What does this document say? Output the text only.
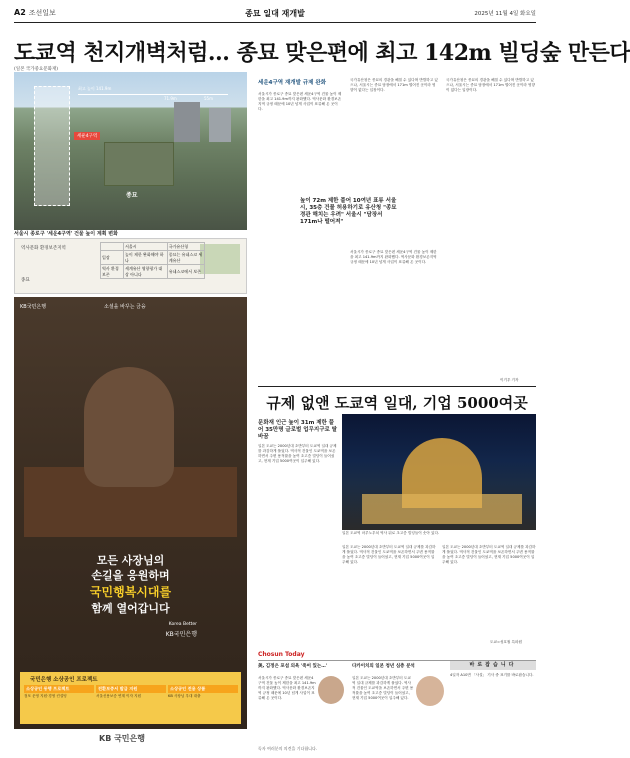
A2 조선일보	종묘 일대 재개발	2025년 11월 4일 화요일
도쿄역 천지개벽처럼… 종묘 맞은편에 최고 142m 빌딩숲 만든다
(일본 국가중요문화재)
세운4구역
최고 높이 141.9m
71.9m	55m
종묘
서울시 종로구 '세운4구역' 건물 높이 계획 변화
역사문화 환경보존지역
종묘
	서울시	국가유산청
입장	높이 제한 완화해야 하나	종묘는 유네스코 세계유산
역사 환경 보존	세계유산 영향평가 대상 아니다	유네스코에서 보존
KB국민은행	소셜을 바꾸는 금융
모든 사장님의
손길을 응원하며
국민행복시대를
함께 열어갑니다
Korea Better
KB국민은행
국민은행 소상공인 프로젝트
소상공인 동행 프로젝트
점포 운영 지원·경영 컨설팅
전환보증서 발급 지원
서울신용보증 연계 이자 지원
소상공인 전용 상품
KB 사장님 우대 대출
KB 국민은행
세운4구역 재개발 규제 완화
서울시가 종로구 종묘 맞은편 세운4구역 건물 높이 제한을 최고 141.9m까지 완화했다. 역사문화 환경보존지역 규정 때문에 10년 넘게 사업이 표류해 온 곳이다.
국가유산청은 종묘의 경관을 해칠 수 있다며 반발하고 있으나, 서울시는 종묘 담장에서 171m 떨어진 곳이라 영향이 없다는 입장이다.
높이 72m 제한 풀어 10여년 표류 서울시, 35층 건물 허용하기로 유산청 "종묘 경관 해치는 우려" 서울시 "담장서 171m나 떨어져"
서울시가 종로구 종묘 맞은편 세운4구역 건물 높이 제한을 최고 141.9m까지 완화했다. 역사문화 환경보존지역 규정 때문에 10년 넘게 사업이 표류해 온 곳이다.
국가유산청은 종묘의 경관을 해칠 수 있다며 반발하고 있으나, 서울시는 종묘 담장에서 171m 떨어진 곳이라 영향이 없다는 입장이다.
이기우 기자
규제 없앤 도쿄역 일대, 기업 5000여곳
문화재 인근 높이 31m 제한 풀어 35만명 글로벌 업무지구로 탈바꿈
일본 도쿄는 2000년대 초반부터 도쿄역 일대 규제를 과감하게 풀었다. 역사적 건물인 도쿄역을 보존하면서 주변 용적률을 높여 초고층 빌딩이 들어섰고, 현재 기업 5000여곳이 입주해 있다.
일본 도쿄역 마루노우치 역사 뒤로 초고층 빌딩들이 솟아 있다.
일본 도쿄는 2000년대 초반부터 도쿄역 일대 규제를 과감하게 풀었다. 역사적 건물인 도쿄역을 보존하면서 주변 용적률을 높여 초고층 빌딩이 들어섰고, 현재 기업 5000여곳이 입주해 있다.
일본 도쿄는 2000년대 초반부터 도쿄역 일대 규제를 과감하게 풀었다. 역사적 건물인 도쿄역을 보존하면서 주변 용적률을 높여 초고층 빌딩이 들어섰고, 현재 기업 5000여곳이 입주해 있다.
도쿄=성호철 특파원
Chosun Today
美, 김정은 포섭 의욕 '죽어 있는…'
서울시가 종로구 종묘 맞은편 세운4구역 건물 높이 제한을 최고 141.9m까지 완화했다. 역사문화 환경보존지역 규정 때문에 10년 넘게 사업이 표류해 온 곳이다.
다카이치의 일본 청년 심층 분석
일본 도쿄는 2000년대 초반부터 도쿄역 일대 규제를 과감하게 풀었다. 역사적 건물인 도쿄역을 보존하면서 주변 용적률을 높여 초고층 빌딩이 들어섰고, 현재 기업 5000여곳이 입주해 있다.
바로잡습니다
4일자 A10면 「사설」 기사 중 표기를 바로잡습니다.
독자 여러분의 의견을 기다립니다.
